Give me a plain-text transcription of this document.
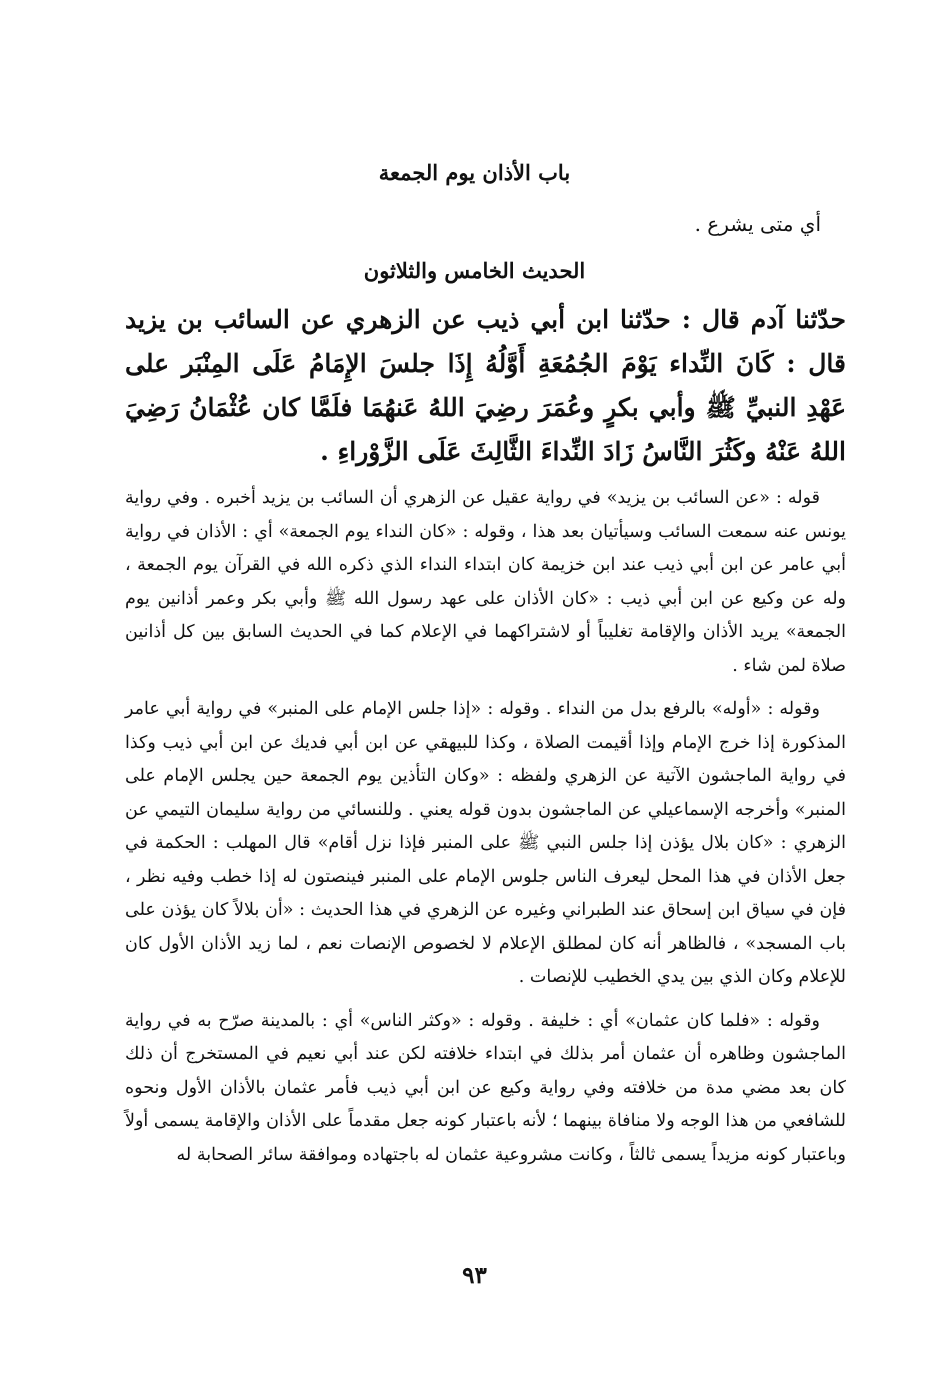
باب الأذان يوم الجمعة
أي متى يشرع .
الحديث الخامس والثلاثون
حدّثنا آدم قال : حدّثنا ابن أبي ذيب عن الزهري عن السائب بن يزيد قال : كَانَ النِّداء يَوْمَ الجُمُعَةِ أَوَّلُهُ إِذَا جلسَ الإِمَامُ عَلَى المِنْبَر على عَهْدِ النبيِّ ﷺ وأبي بكرٍ وعُمَرَ رضِيَ اللهُ عَنهُمَا فلَمَّا كان عُثْمَانُ رَضِيَ اللهُ عَنْهُ وكَثُرَ النَّاسُ زَادَ النِّداءَ الثَّالِثَ عَلَى الزَّوْراءِ .

قوله : «عن السائب بن يزيد» في رواية عقيل عن الزهري أن السائب بن يزيد أخبره . وفي رواية يونس عنه سمعت السائب وسيأتيان بعد هذا ، وقوله : «كان النداء يوم الجمعة» أي : الأذان في رواية أبي عامر عن ابن أبي ذيب عند ابن خزيمة كان ابتداء النداء الذي ذكره الله في القرآن يوم الجمعة ، وله عن وكيع عن ابن أبي ذيب : «كان الأذان على عهد رسول الله ﷺ وأبي بكر وعمر أذانين يوم الجمعة» يريد الأذان والإقامة تغليباً أو لاشتراكهما في الإعلام كما في الحديث السابق بين كل أذانين صلاة لمن شاء .

وقوله : «أوله» بالرفع بدل من النداء . وقوله : «إذا جلس الإمام على المنبر» في رواية أبي عامر المذكورة إذا خرج الإمام وإذا أقيمت الصلاة ، وكذا للبيهقي عن ابن أبي فديك عن ابن أبي ذيب وكذا في رواية الماجشون الآتية عن الزهري ولفظه : «وكان التأذين يوم الجمعة حين يجلس الإمام على المنبر» وأخرجه الإسماعيلي عن الماجشون بدون قوله يعني . وللنسائي من رواية سليمان التيمي عن الزهري : «كان بلال يؤذن إذا جلس النبي ﷺ على المنبر فإذا نزل أقام» قال المهلب : الحكمة في جعل الأذان في هذا المحل ليعرف الناس جلوس الإمام على المنبر فينصتون له إذا خطب وفيه نظر ، فإن في سياق ابن إسحاق عند الطبراني وغيره عن الزهري في هذا الحديث : «أن بلالاً كان يؤذن على باب المسجد» ، فالظاهر أنه كان لمطلق الإعلام لا لخصوص الإنصات نعم ، لما زيد الأذان الأول كان للإعلام وكان الذي بين يدي الخطيب للإنصات .

وقوله : «فلما كان عثمان» أي : خليفة . وقوله : «وكثر الناس» أي : بالمدينة صرّح به في رواية الماجشون وظاهره أن عثمان أمر بذلك في ابتداء خلافته لكن عند أبي نعيم في المستخرج أن ذلك كان بعد مضي مدة من خلافته وفي رواية وكيع عن ابن أبي ذيب فأمر عثمان بالأذان الأول ونحوه للشافعي من هذا الوجه ولا منافاة بينهما ؛ لأنه باعتبار كونه جعل مقدماً على الأذان والإقامة يسمى أولاً وباعتبار كونه مزيداً يسمى ثالثاً ، وكانت مشروعية عثمان له باجتهاده وموافقة سائر الصحابة له

٩٣
